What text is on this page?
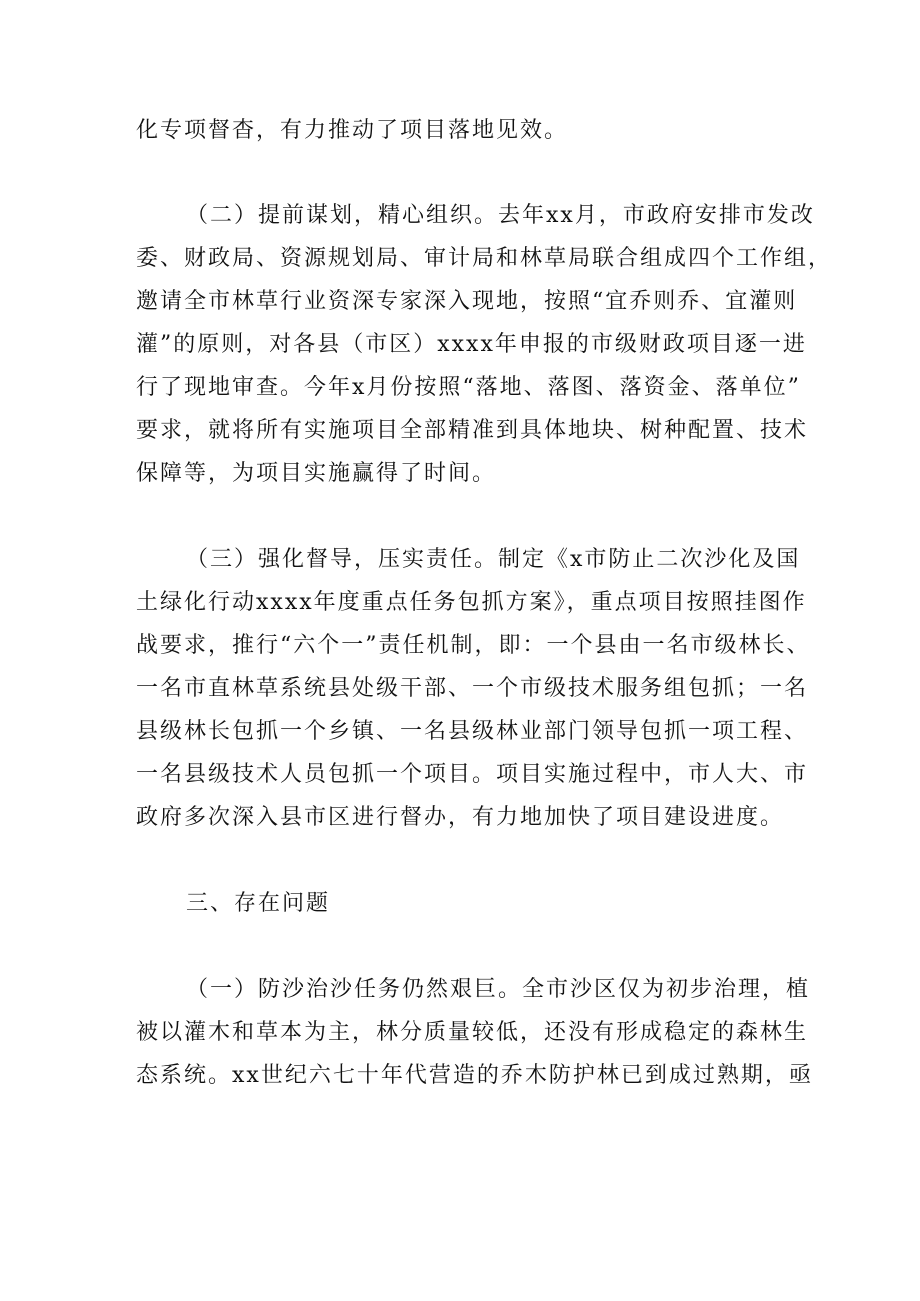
化专项督杳，有力推动了项目落地见效。
（二）提前谋划，精心组织。去年xx月，市政府安排市发改
委、财政局、资源规划局、审计局和林草局联合组成四个工作组，
邀请全市林草行业资深专家深入现地，按照“宜乔则乔、宜灌则
灌”的原则，对各县（市区）xxxx年申报的市级财政项目逐一进
行了现地审查。今年x月份按照“落地、落图、落资金、落单位”
要求，就将所有实施项目全部精准到具体地块、树种配置、技术
保障等，为项目实施赢得了时间。
（三）强化督导，压实责任。制定《x市防止二次沙化及国
土绿化行动xxxx年度重点任务包抓方案》，重点项目按照挂图作
战要求，推行“六个一”责任机制，即：一个县由一名市级林长、
一名市直林草系统县处级干部、一个市级技术服务组包抓；一名
县级林长包抓一个乡镇、一名县级林业部门领导包抓一项工程、
一名县级技术人员包抓一个项目。项目实施过程中，市人大、市
政府多次深入县市区进行督办，有力地加快了项目建设进度。
三、存在问题
（一）防沙治沙任务仍然艰巨。全市沙区仅为初步治理，植
被以灌木和草本为主，林分质量较低，还没有形成稳定的森林生
态系统。xx世纪六七十年代营造的乔木防护林已到成过熟期，亟
